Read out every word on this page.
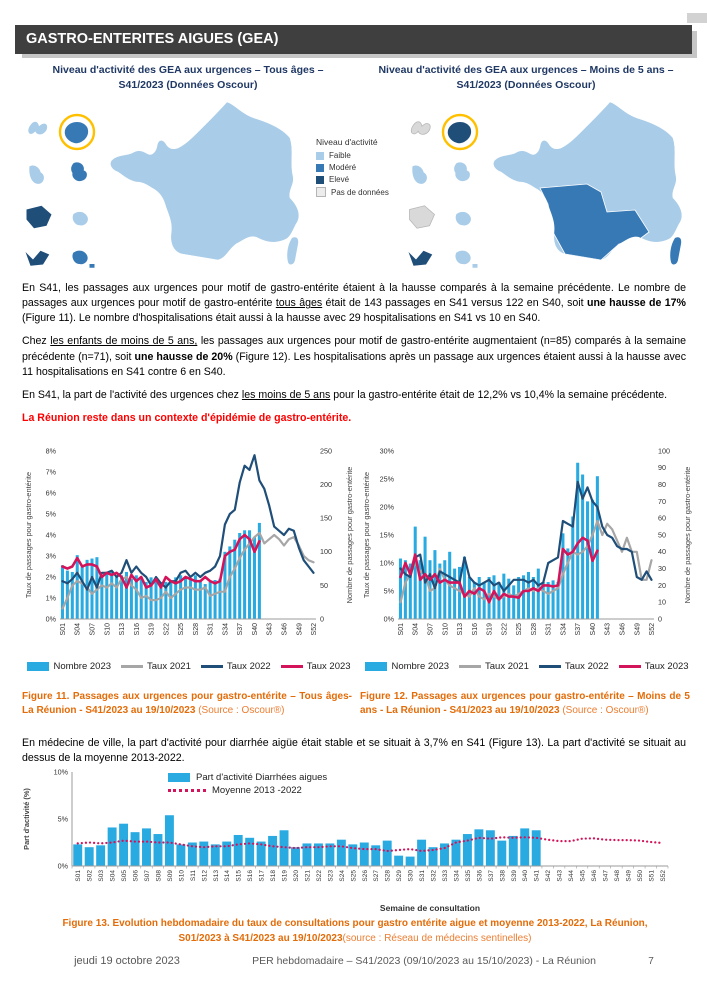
GASTRO-ENTERITES AIGUES (GEA)
Niveau d'activité des GEA aux urgences – Tous âges –
S41/2023 (Données Oscour)
Niveau d'activité des GEA aux urgences – Moins de 5 ans –
S41/2023 (Données Oscour)
Niveau d'activité
Faible
Modéré
Elevé
Pas de données

En S41, les passages aux urgences pour motif de gastro-entérite étaient à la hausse comparés à la semaine précédente. Le nombre de passages aux urgences pour motif de gastro-entérite tous âges était de 143 passages en S41 versus 122 en S40, soit une hausse de 17% (Figure 11). Le nombre d'hospitalisations était aussi à la hausse avec 29 hospitalisations en S41 vs 10 en S40.

Chez les enfants de moins de 5 ans, les passages aux urgences pour motif de gastro-entérite augmentaient (n=85) comparés à la semaine précédente (n=71), soit une hausse de 20% (Figure 12). Les hospitalisations après un passage aux urgences étaient aussi à la hausse avec 11 hospitalisations en S41 contre 6 en S40.

En S41, la part de l'activité des urgences chez les moins de 5 ans pour la gastro-entérite était de 12,2% vs 10,4% la semaine précédente.

La Réunion reste dans un contexte d'épidémie de gastro-entérite.

0%
1%
2%
3%
4%
5%
6%
7%
8%
0
50
100
150
200
250
S01 S04 S07 S10 S13 S16 S19 S22 S25 S28 S31 S34 S37 S40 S43 S46 S49 S52
Taux de passages pour gastro-entérite	Nombre de passages pour gastro-entérite
Nombre 2023	Taux 2021	Taux 2022	Taux 2023
0%
5%
10%
15%
20%
25%
30%
0
10
20
30
40
50
60
70
80
90
100
S01 S04 S07 S10 S13 S16 S19 S22 S25 S28 S31 S34 S37 S40 S43 S46 S49 S52
Taux de passages pour gastro-entérite	Nombre de passages pour gastro-entérite
Nombre 2023	Taux 2021	Taux 2022	Taux 2023

Figure 11. Passages aux urgences pour gastro-entérite – Tous âges- La Réunion - S41/2023 au 19/10/2023 (Source : Oscour®)

Figure 12. Passages aux urgences pour gastro-entérite – Moins de 5 ans - La Réunion - S41/2023 au 19/10/2023 (Source : Oscour®)

En médecine de ville, la part d'activité pour diarrhée aigüe était stable et se situait à 3,7% en S41 (Figure 13). La part d'activité se situait au dessus de la moyenne 2013-2022.

0%
5%
10%
S01 S02 S03 S04 S05 S06 S07 S08 S09 S10 S11 S12 S13 S14 S15 S16 S17 S18 S19 S20 S21 S22 S23 S24 S25 S26 S27 S28 S29 S30 S31 S32 S33 S34 S35 S36 S37 S38 S39 S40 S41 S42 S43 S44 S45 S46 S47 S48 S49 S50 S51 S52
Part d'activité (%)
Semaine de consultation
Part d'activité Diarrhées aigues
Moyenne 2013 -2022

Figure 13. Evolution hebdomadaire du taux de consultations pour gastro entérite aigue et moyenne 2013-2022, La Réunion, S01/2023 à S41/2023 au 19/10/2023(source : Réseau de médecins sentinelles)

jeudi 19 octobre 2023	PER hebdomadaire – S41/2023 (09/10/2023 au 15/10/2023) - La Réunion	7
